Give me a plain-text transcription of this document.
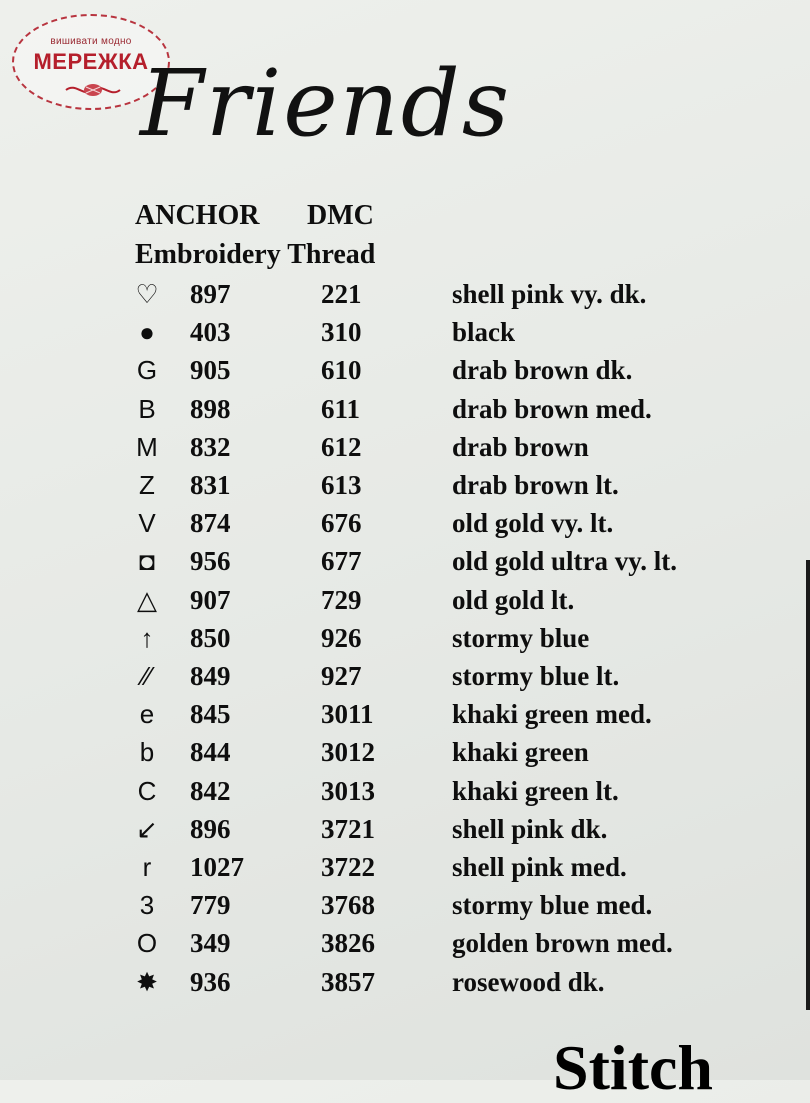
вишивати модно
МЕРЕЖКА
Friends
ANCHOR DMC
Embroidery Thread
♡ 897	221	shell pink vy. dk.
●	403	310	black
G 905	610	drab brown dk.
B	898	611	drab brown med.
M 832	612	drab brown
Z	831	613	drab brown lt.
V	874	676	old gold vy. lt.
◘	956	677	old gold ultra vy. lt.
△ 907	729	old gold lt.
↑	850	926	stormy blue
⁄⁄	849	927	stormy blue lt.
e	845	3011	khaki green med.
b	844	3012	khaki green
C 842	3013	khaki green lt.
↙ 896	3721	shell pink dk.
r	1027	3722	shell pink med.
3	779	3768	stormy blue med.
O 349	3826	golden brown med.
✸ 936	3857	rosewood dk.
Stitch
